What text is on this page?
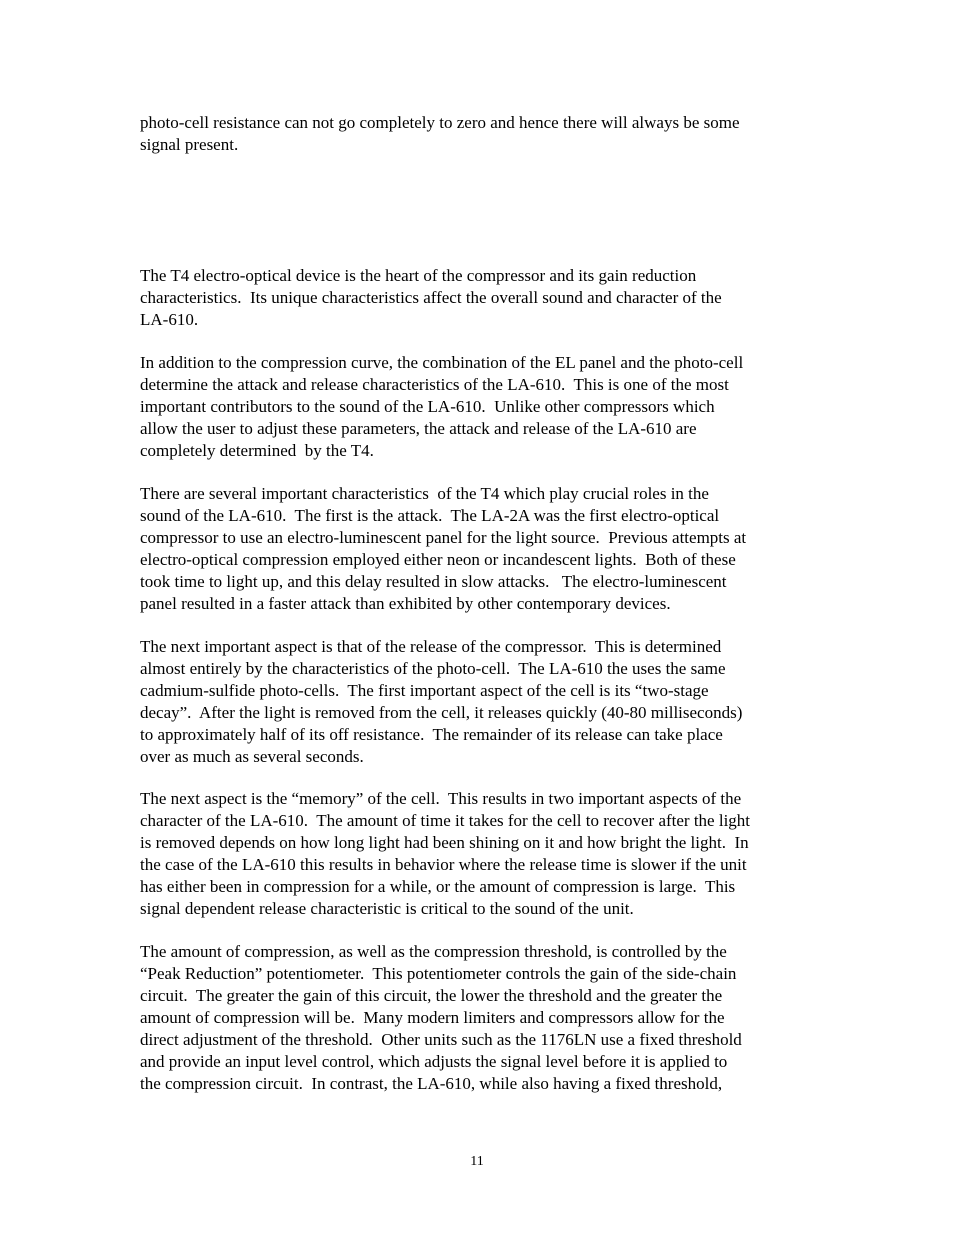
photo-cell resistance can not go completely to zero and hence there will always be some
signal present.

The T4 electro-optical device is the heart of the compressor and its gain reduction
characteristics.  Its unique characteristics affect the overall sound and character of the
LA-610.

In addition to the compression curve, the combination of the EL panel and the photo-cell
determine the attack and release characteristics of the LA-610.  This is one of the most
important contributors to the sound of the LA-610.  Unlike other compressors which
allow the user to adjust these parameters, the attack and release of the LA-610 are
completely determined  by the T4.

There are several important characteristics  of the T4 which play crucial roles in the
sound of the LA-610.  The first is the attack.  The LA-2A was the first electro-optical
compressor to use an electro-luminescent panel for the light source.  Previous attempts at
electro-optical compression employed either neon or incandescent lights.  Both of these
took time to light up, and this delay resulted in slow attacks.   The electro-luminescent
panel resulted in a faster attack than exhibited by other contemporary devices.

The next important aspect is that of the release of the compressor.  This is determined
almost entirely by the characteristics of the photo-cell.  The LA-610 the uses the same
cadmium-sulfide photo-cells.  The first important aspect of the cell is its “two-stage
decay”.  After the light is removed from the cell, it releases quickly (40-80 milliseconds)
to approximately half of its off resistance.  The remainder of its release can take place
over as much as several seconds.

The next aspect is the “memory” of the cell.  This results in two important aspects of the
character of the LA-610.  The amount of time it takes for the cell to recover after the light
is removed depends on how long light had been shining on it and how bright the light.  In
the case of the LA-610 this results in behavior where the release time is slower if the unit
has either been in compression for a while, or the amount of compression is large.  This
signal dependent release characteristic is critical to the sound of the unit.

The amount of compression, as well as the compression threshold, is controlled by the
“Peak Reduction” potentiometer.  This potentiometer controls the gain of the side-chain
circuit.  The greater the gain of this circuit, the lower the threshold and the greater the
amount of compression will be.  Many modern limiters and compressors allow for the
direct adjustment of the threshold.  Other units such as the 1176LN use a fixed threshold
and provide an input level control, which adjusts the signal level before it is applied to
the compression circuit.  In contrast, the LA-610, while also having a fixed threshold,

11
